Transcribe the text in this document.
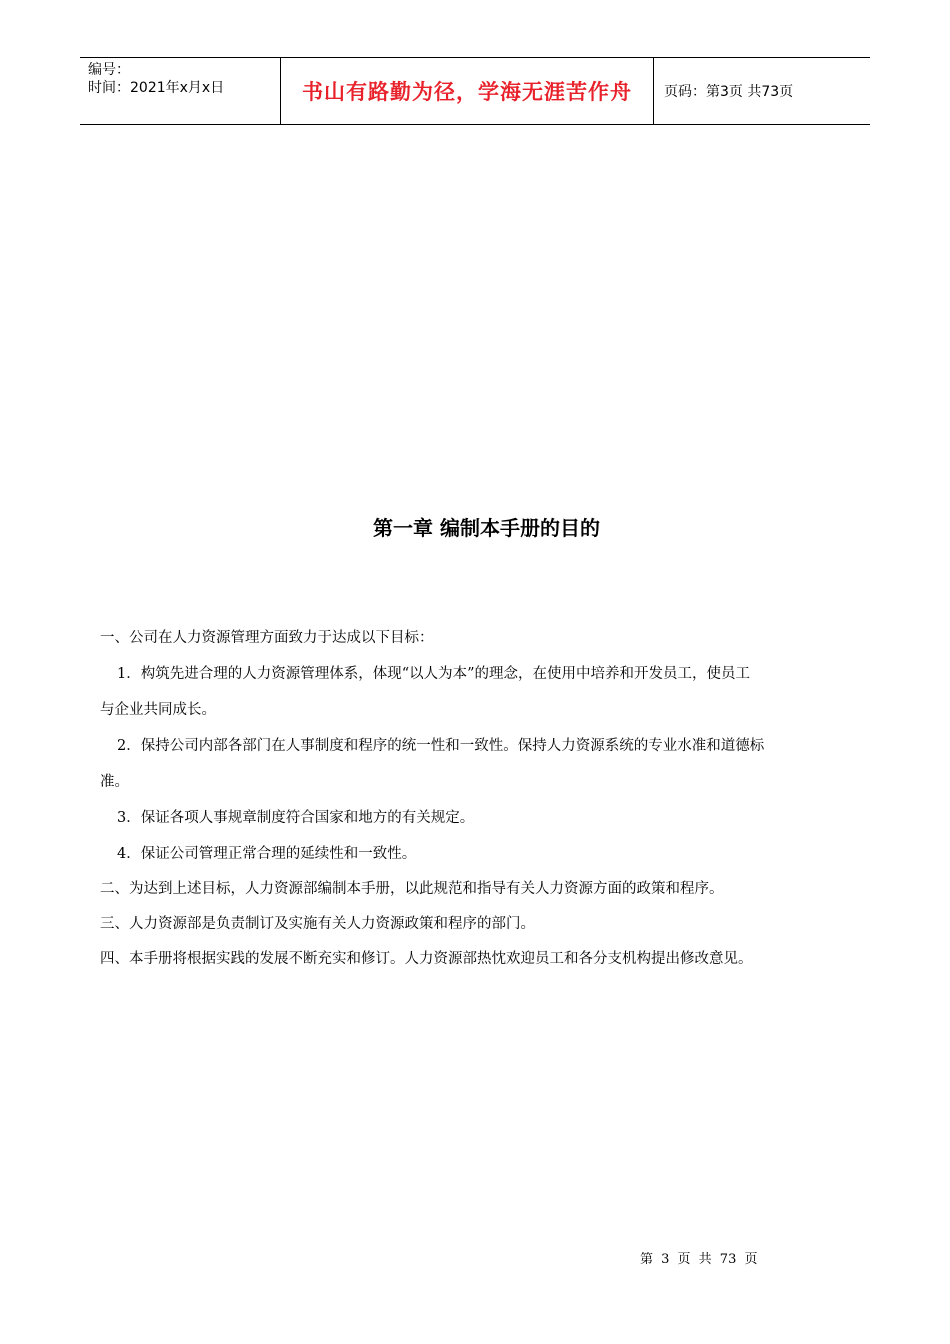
编号：
时间：2021年x月x日	书山有路勤为径，学海无涯苦作舟	页码：第3页 共73页
第一章 编制本手册的目的

一、公司在人力资源管理方面致力于达成以下目标：

1．构筑先进合理的人力资源管理体系，体现“以人为本”的理念，在使用中培养和开发员工，使员工

与企业共同成长。

2．保持公司内部各部门在人事制度和程序的统一性和一致性。保持人力资源系统的专业水准和道德标

准。

3．保证各项人事规章制度符合国家和地方的有关规定。

4．保证公司管理正常合理的延续性和一致性。

二、为达到上述目标，人力资源部编制本手册，以此规范和指导有关人力资源方面的政策和程序。

三、人力资源部是负责制订及实施有关人力资源政策和程序的部门。

四、本手册将根据实践的发展不断充实和修订。人力资源部热忱欢迎员工和各分支机构提出修改意见。

第 3 页 共 73 页
